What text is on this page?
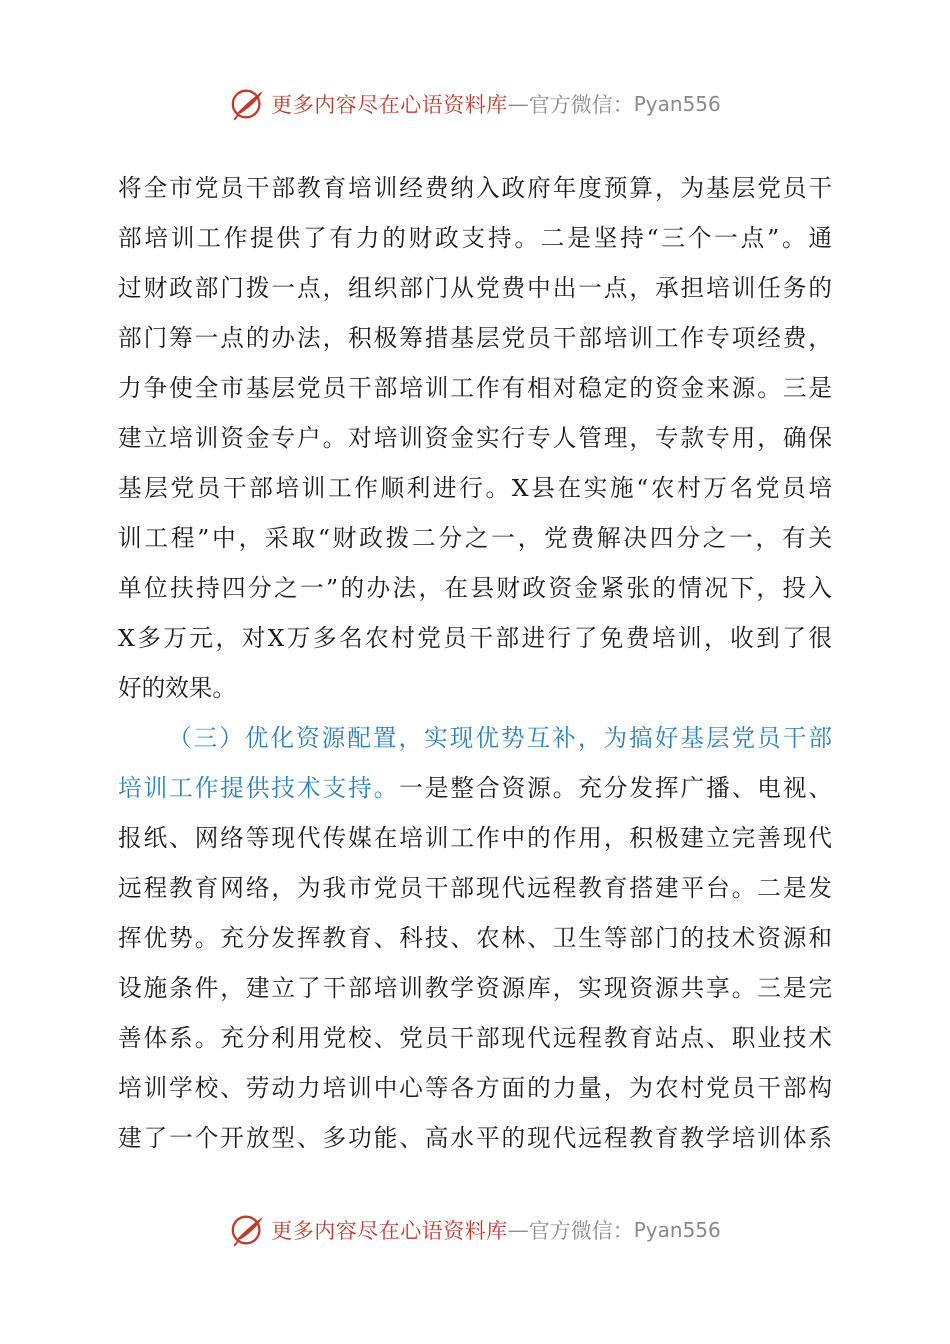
更多内容尽在心语资料库 — 官方微信： Pyan556
将全市党员干部教育培训经费纳入政府年度预算，为基层党员干
部培训工作提供了有力的财政支持。二是坚持“三个一点”。通
过财政部门拨一点，组织部门从党费中出一点，承担培训任务的
部门筹一点的办法，积极筹措基层党员干部培训工作专项经费，
力争使全市基层党员干部培训工作有相对稳定的资金来源。三是
建立培训资金专户。对培训资金实行专人管理，专款专用，确保
基层党员干部培训工作顺利进行。X县在实施“农村万名党员培
训工程”中，采取“财政拨二分之一，党费解决四分之一，有关
单位扶持四分之一”的办法，在县财政资金紧张的情况下，投入
X多万元，对X万多名农村党员干部进行了免费培训，收到了很
好的效果。
（三）优化资源配置，实现优势互补，为搞好基层党员干部
培训工作提供技术支持。一是整合资源。充分发挥广播、电视、
报纸、网络等现代传媒在培训工作中的作用，积极建立完善现代
远程教育网络，为我市党员干部现代远程教育搭建平台。二是发
挥优势。充分发挥教育、科技、农林、卫生等部门的技术资源和
设施条件，建立了干部培训教学资源库，实现资源共享。三是完
善体系。充分利用党校、党员干部现代远程教育站点、职业技术
培训学校、劳动力培训中心等各方面的力量，为农村党员干部构
建了一个开放型、多功能、高水平的现代远程教育教学培训体系
更多内容尽在心语资料库 — 官方微信： Pyan556
